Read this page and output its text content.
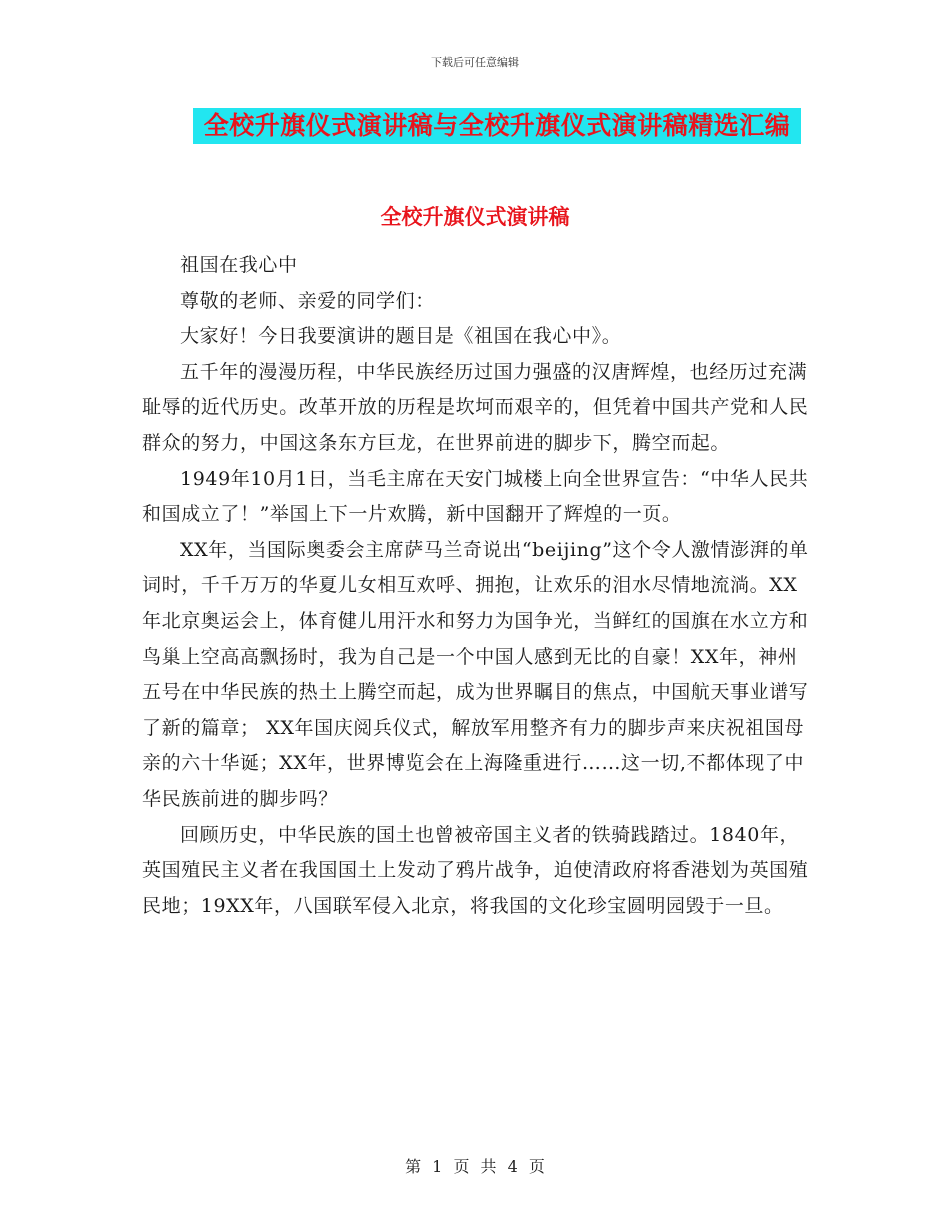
下载后可任意编辑
全校升旗仪式演讲稿与全校升旗仪式演讲稿精选汇编
全校升旗仪式演讲稿

祖国在我心中

尊敬的老师、亲爱的同学们：

大家好！今日我要演讲的题目是《祖国在我心中》。

五千年的漫漫历程，中华民族经历过国力强盛的汉唐辉煌，也经历过充满耻辱的近代历史。改革开放的历程是坎坷而艰辛的，但凭着中国共产党和人民群众的努力，中国这条东方巨龙，在世界前进的脚步下，腾空而起。

1949年10月1日，当毛主席在天安门城楼上向全世界宣告：“中华人民共和国成立了！”举国上下一片欢腾，新中国翻开了辉煌的一页。

XX年，当国际奥委会主席萨马兰奇说出“beijing”这个令人激情澎湃的单词时，千千万万的华夏儿女相互欢呼、拥抱，让欢乐的泪水尽情地流淌。XX年北京奥运会上，体育健儿用汗水和努力为国争光，当鲜红的国旗在水立方和鸟巢上空高高飘扬时，我为自己是一个中国人感到无比的自豪！XX年，神州五号在中华民族的热土上腾空而起，成为世界瞩目的焦点，中国航天事业谱写了新的篇章； XX年国庆阅兵仪式，解放军用整齐有力的脚步声来庆祝祖国母亲的六十华诞；XX年，世界博览会在上海隆重进行……这一切,不都体现了中华民族前进的脚步吗？

回顾历史，中华民族的国土也曾被帝国主义者的铁骑践踏过。1840年，英国殖民主义者在我国国土上发动了鸦片战争，迫使清政府将香港划为英国殖民地；19XX年，八国联军侵入北京，将我国的文化珍宝圆明园毁于一旦。

第 1 页 共 4 页
